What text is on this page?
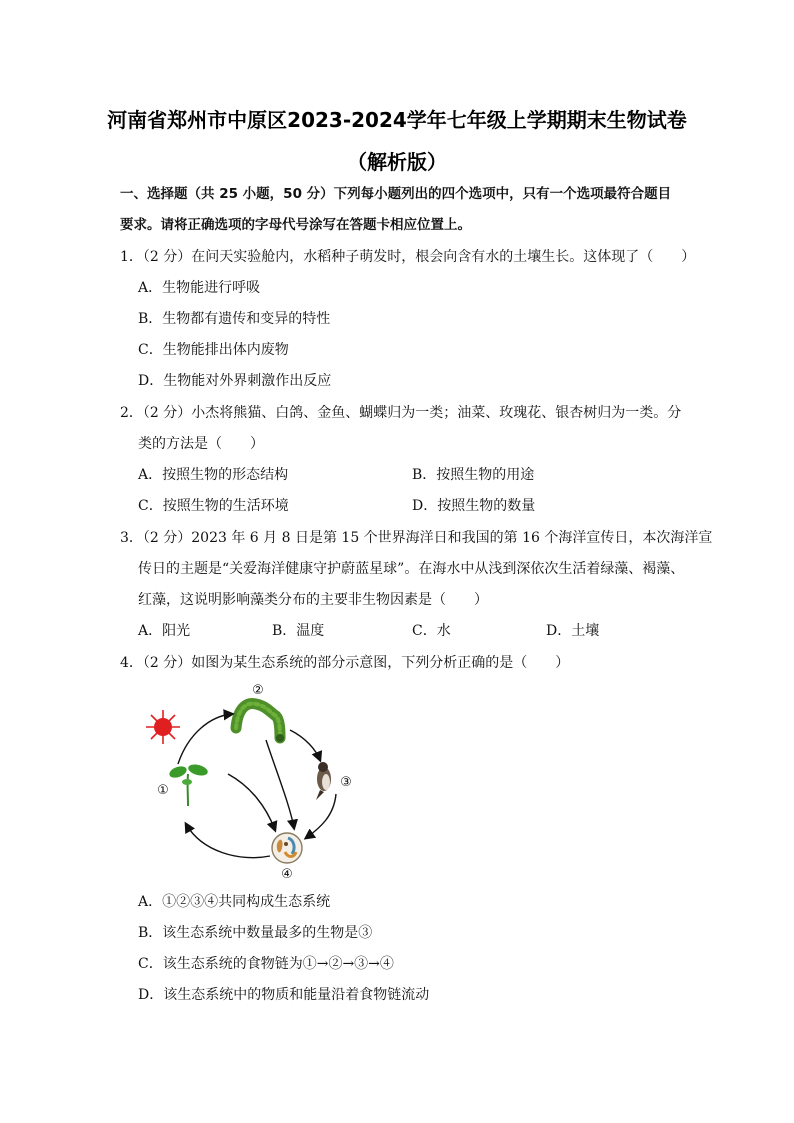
河南省郑州市中原区2023-2024学年七年级上学期期末生物试卷
（解析版）
一、选择题（共 25 小题，50 分）下列每小题列出的四个选项中，只有一个选项最符合题目
要求。请将正确选项的字母代号涂写在答题卡相应位置上。
1．（2 分）在问天实验舱内，水稻种子萌发时，根会向含有水的土壤生长。这体现了（　　）
A．生物能进行呼吸
B．生物都有遗传和变异的特性
C．生物能排出体内废物
D．生物能对外界刺激作出反应
2．（2 分）小杰将熊猫、白鸽、金鱼、蝴蝶归为一类；油菜、玫瑰花、银杏树归为一类。分
类的方法是（　　）
A．按照生物的形态结构	B．按照生物的用途
C．按照生物的生活环境	D．按照生物的数量
3．（2 分）2023 年 6 月 8 日是第 15 个世界海洋日和我国的第 16 个海洋宣传日，本次海洋宣
传日的主题是“关爱海洋健康守护蔚蓝星球”。在海水中从浅到深依次生活着绿藻、褐藻、
红藻，这说明影响藻类分布的主要非生物因素是（　　）
A．阳光	B．温度	C．水	D．土壤
4．（2 分）如图为某生态系统的部分示意图，下列分析正确的是（　　）
②
①
③
④
A．①②③④共同构成生态系统
B．该生态系统中数量最多的生物是③
C．该生态系统的食物链为①→②→③→④
D．该生态系统中的物质和能量沿着食物链流动
